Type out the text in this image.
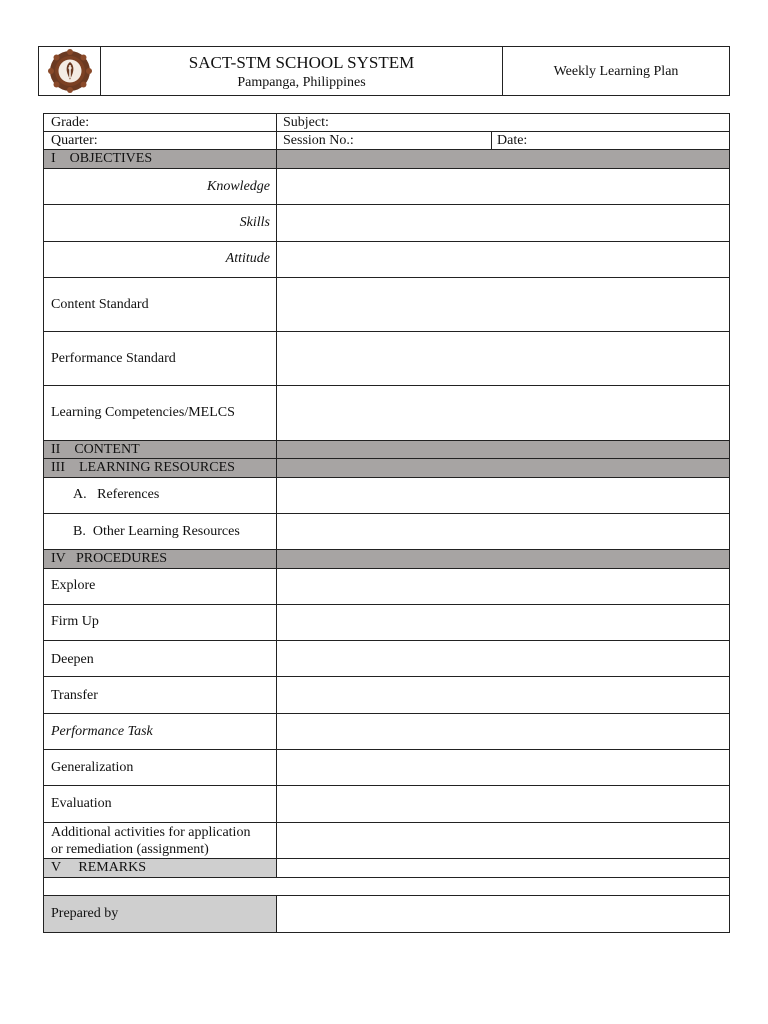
SACT-STM SCHOOL SYSTEM
Pampanga, Philippines
Weekly Learning Plan
Grade:	Subject:
Quarter:	Session No.:	Date:
I    OBJECTIVES
Knowledge
Skills
Attitude
Content Standard
Performance Standard
Learning Competencies/MELCS
II    CONTENT
III    LEARNING RESOURCES
A.   References
B.  Other Learning Resources
IV   PROCEDURES
Explore
Firm Up
Deepen
Transfer
Performance Task
Generalization
Evaluation
Additional activities for application
or remediation (assignment)
V     REMARKS
Prepared by
